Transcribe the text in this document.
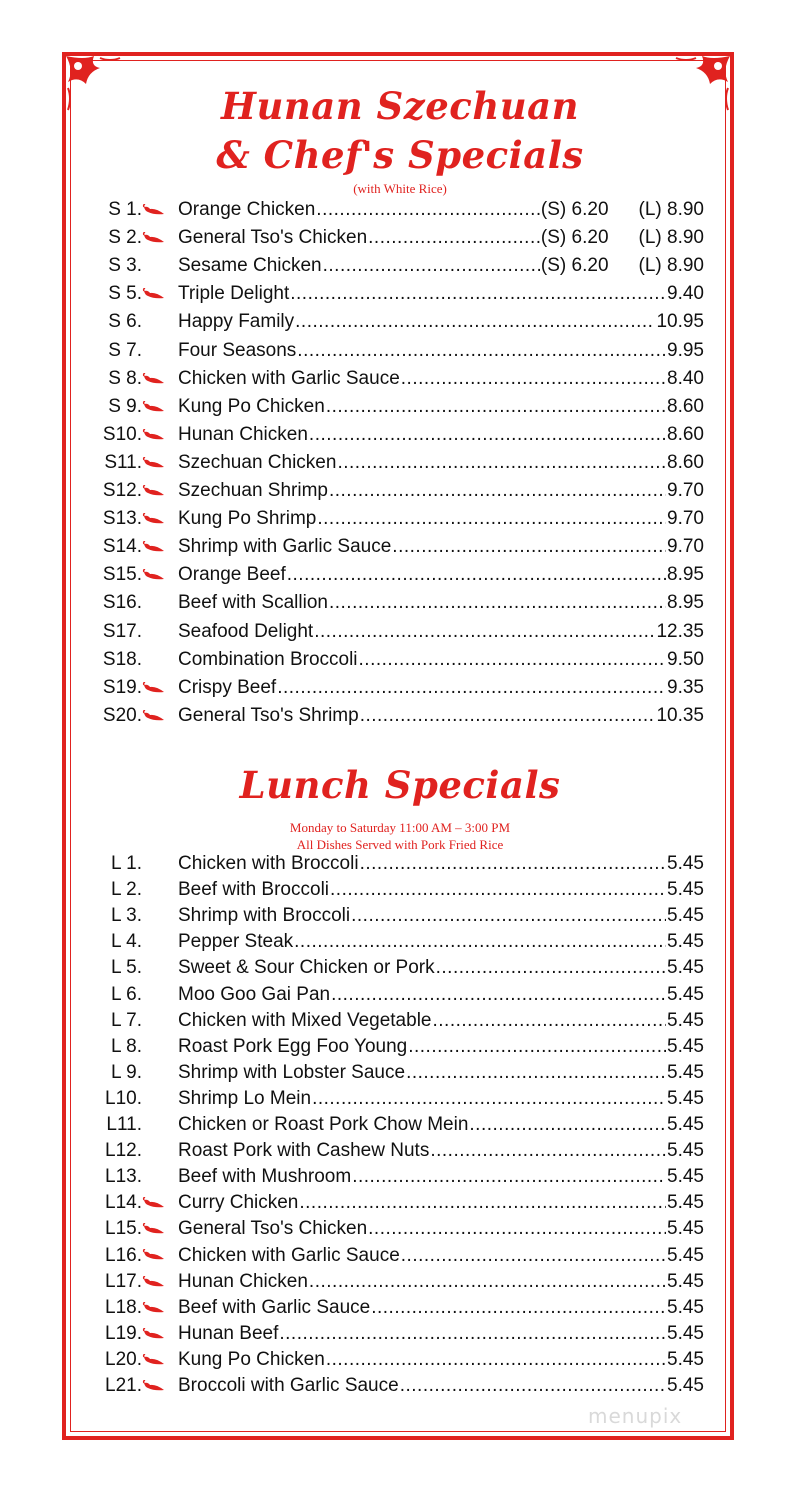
Hunan Szechuan
& Chef's Specials
(with White Rice)
S 1.	Orange Chicken .....	(S) 6.20 (L) 8.90
S 2.	General Tso's Chicken .....	(S) 6.20 (L) 8.90
S 3.	Sesame Chicken .....	(S) 6.20 (L) 8.90
S 5.	Triple Delight .....	9.40
S 6.	Happy Family .....	10.95
S 7.	Four Seasons .....	9.95
S 8.	Chicken with Garlic Sauce .....	8.40
S 9.	Kung Po Chicken .....	8.60
S10.	Hunan Chicken .....	8.60
S11.	Szechuan Chicken .....	8.60
S12.	Szechuan Shrimp .....	9.70
S13.	Kung Po Shrimp .....	9.70
S14.	Shrimp with Garlic Sauce .....	9.70
S15.	Orange Beef .....	8.95
S16.	Beef with Scallion .....	8.95
S17.	Seafood Delight .....	12.35
S18.	Combination Broccoli .....	9.50
S19.	Crispy Beef .....	9.35
S20.	General Tso's Shrimp .....	10.35
Lunch Specials
Monday to Saturday 11:00 AM – 3:00 PM
All Dishes Served with Pork Fried Rice
L 1.	Chicken with Broccoli .....	5.45
L 2.	Beef with Broccoli .....	5.45
L 3.	Shrimp with Broccoli .....	5.45
L 4.	Pepper Steak .....	5.45
L 5.	Sweet & Sour Chicken or Pork .....	5.45
L 6.	Moo Goo Gai Pan .....	5.45
L 7.	Chicken with Mixed Vegetable .....	5.45
L 8.	Roast Pork Egg Foo Young .....	5.45
L 9.	Shrimp with Lobster Sauce .....	5.45
L10.	Shrimp Lo Mein .....	5.45
L11.	Chicken or Roast Pork Chow Mein .....	5.45
L12.	Roast Pork with Cashew Nuts .....	5.45
L13.	Beef with Mushroom .....	5.45
L14.	Curry Chicken .....	5.45
L15.	General Tso's Chicken .....	5.45
L16.	Chicken with Garlic Sauce .....	5.45
L17.	Hunan Chicken .....	5.45
L18.	Beef with Garlic Sauce .....	5.45
L19.	Hunan Beef .....	5.45
L20.	Kung Po Chicken .....	5.45
L21.	Broccoli with Garlic Sauce .....	5.45
menupix
